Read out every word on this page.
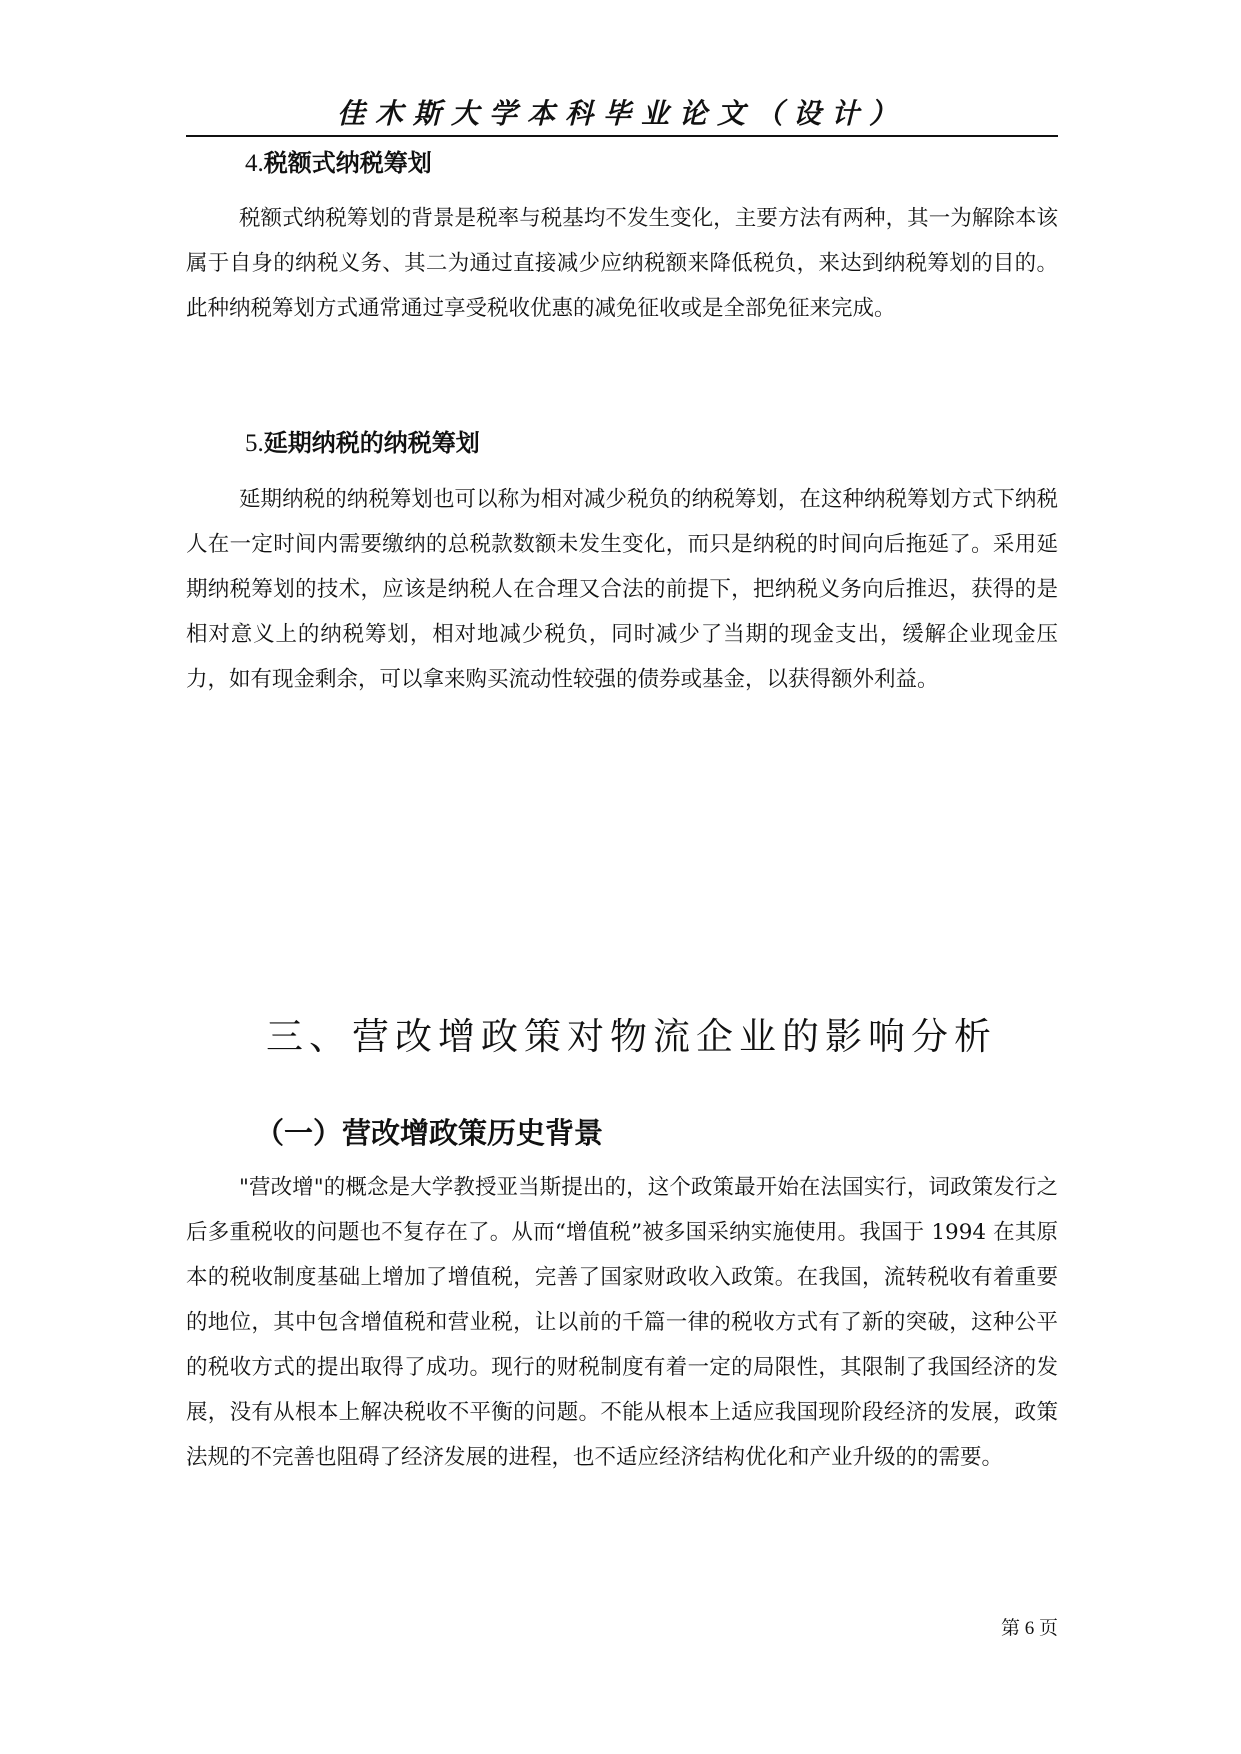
佳木斯大学本科毕业论文（设计）
4.税额式纳税筹划

税额式纳税筹划的背景是税率与税基均不发生变化，主要方法有两种，其一为解除本该属于自身的纳税义务、其二为通过直接减少应纳税额来降低税负，来达到纳税筹划的目的。此种纳税筹划方式通常通过享受税收优惠的减免征收或是全部免征来完成。

5.延期纳税的纳税筹划

延期纳税的纳税筹划也可以称为相对减少税负的纳税筹划，在这种纳税筹划方式下纳税人在一定时间内需要缴纳的总税款数额未发生变化，而只是纳税的时间向后拖延了。采用延期纳税筹划的技术，应该是纳税人在合理又合法的前提下，把纳税义务向后推迟，获得的是相对意义上的纳税筹划，相对地减少税负，同时减少了当期的现金支出，缓解企业现金压力，如有现金剩余，可以拿来购买流动性较强的债券或基金，以获得额外利益。

三、营改增政策对物流企业的影响分析
（一）营改增政策历史背景

"营改增"的概念是大学教授亚当斯提出的，这个政策最开始在法国实行，词政策发行之后多重税收的问题也不复存在了。从而“增值税”被多国采纳实施使用。我国于 1994 在其原本的税收制度基础上增加了增值税，完善了国家财政收入政策。在我国，流转税收有着重要的地位，其中包含增值税和营业税，让以前的千篇一律的税收方式有了新的突破，这种公平的税收方式的提出取得了成功。现行的财税制度有着一定的局限性，其限制了我国经济的发展，没有从根本上解决税收不平衡的问题。不能从根本上适应我国现阶段经济的发展，政策法规的不完善也阻碍了经济发展的进程，也不适应经济结构优化和产业升级的的需要。

第 6 页
